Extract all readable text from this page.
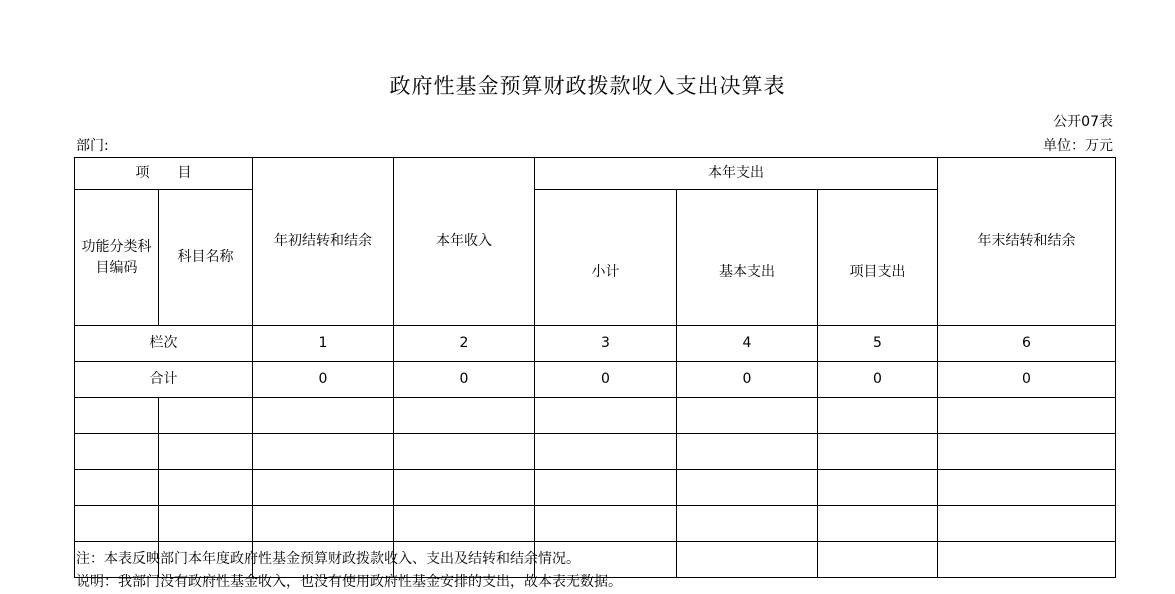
政府性基金预算财政拨款收入支出决算表
公开07表
部门:	单位：万元
项　　目		年初结转和结余	本年收入	本年支出			年末结转和结余
功能分类科目编码	科目名称			小计	基本支出	项目支出	
栏次		1	2	3	4	5	6
合计		0	0	0	0	0	0

注：本表反映部门本年度政府性基金预算财政拨款收入、支出及结转和结余情况。
说明：我部门没有政府性基金收入，也没有使用政府性基金安排的支出，故本表无数据。
